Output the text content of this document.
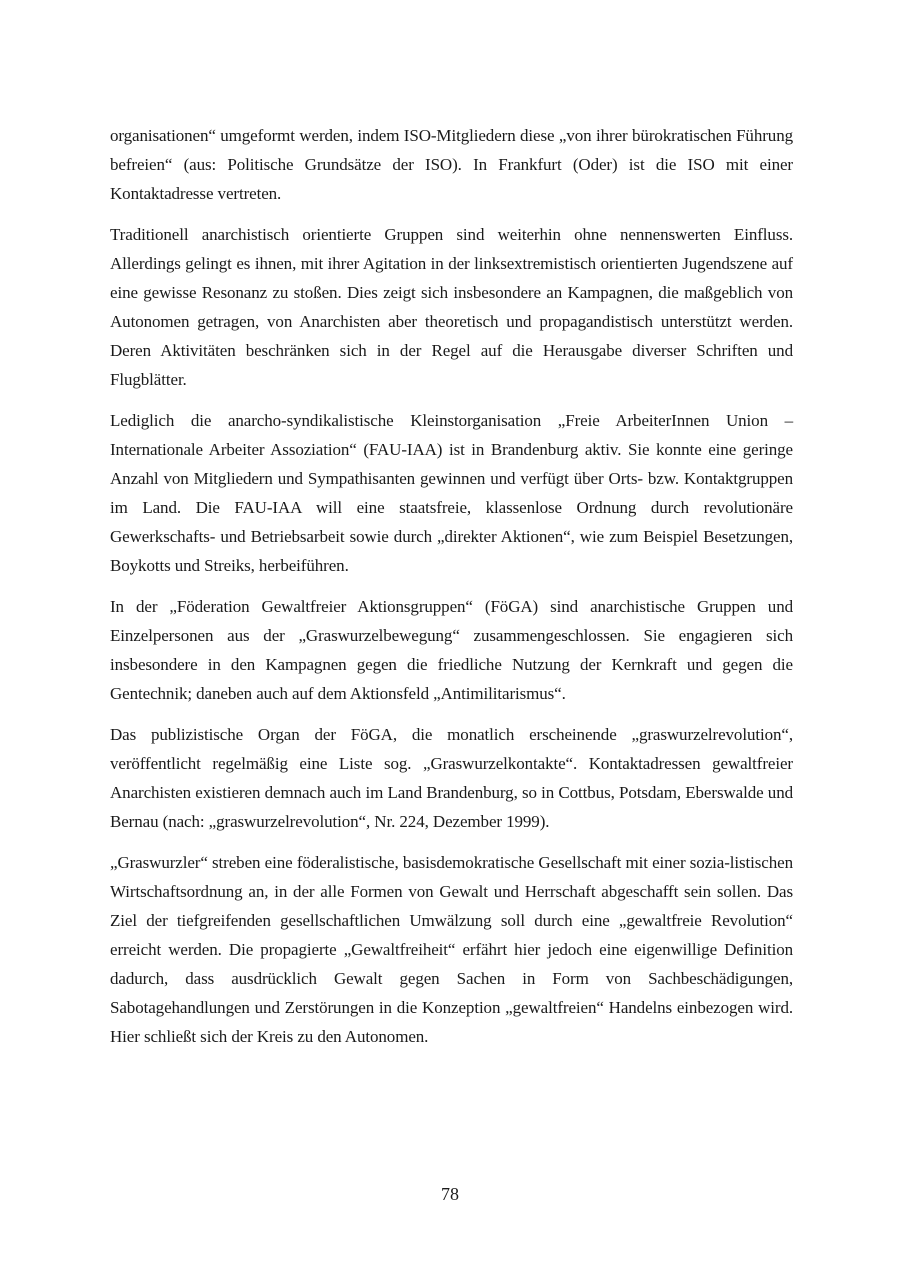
organisationen“ umgeformt werden, indem ISO-Mitgliedern diese „von ihrer bürokratischen Führung befreien“ (aus: Politische Grundsätze der ISO). In Frankfurt (Oder) ist die ISO mit einer Kontaktadresse vertreten.

Traditionell anarchistisch orientierte Gruppen sind weiterhin ohne nennenswerten Einfluss. Allerdings gelingt es ihnen, mit ihrer Agitation in der linksextremistisch orientierten Jugendszene auf eine gewisse Resonanz zu stoßen. Dies zeigt sich insbesondere an Kampagnen, die maßgeblich von Autonomen getragen, von Anarchisten aber theoretisch und propagandistisch unterstützt werden. Deren Aktivitäten beschränken sich in der Regel auf die Herausgabe diverser Schriften und Flugblätter.

Lediglich die anarcho-syndikalistische Kleinstorganisation „Freie ArbeiterInnen Union – Internationale Arbeiter Assoziation“ (FAU-IAA) ist in Brandenburg aktiv. Sie konnte eine geringe Anzahl von Mitgliedern und Sympathisanten gewinnen und verfügt über Orts- bzw. Kontaktgruppen im Land. Die FAU-IAA will eine staatsfreie, klassenlose Ordnung durch revolutionäre Gewerkschafts- und Betriebsarbeit sowie durch „direkter Aktionen“, wie zum Beispiel Besetzungen, Boykotts und Streiks, herbeiführen.

In der „Föderation Gewaltfreier Aktionsgruppen“ (FöGA) sind anarchistische Gruppen und Einzelpersonen aus der „Graswurzelbewegung“ zusammengeschlossen. Sie engagieren sich insbesondere in den Kampagnen gegen die friedliche Nutzung der Kernkraft und gegen die Gentechnik; daneben auch auf dem Aktionsfeld „Antimilitarismus“.

Das publizistische Organ der FöGA, die monatlich erscheinende „graswurzelrevolution“, veröffentlicht regelmäßig eine Liste sog. „Graswurzelkontakte“. Kontaktadressen gewaltfreier Anarchisten existieren demnach auch im Land Brandenburg, so in Cottbus, Potsdam, Eberswalde und Bernau (nach: „graswurzelrevolution“, Nr. 224, Dezember 1999).

„Graswurzler“ streben eine föderalistische, basisdemokratische Gesellschaft mit einer sozia-listischen Wirtschaftsordnung an, in der alle Formen von Gewalt und Herrschaft abgeschafft sein sollen. Das Ziel der tiefgreifenden gesellschaftlichen Umwälzung soll durch eine „gewaltfreie Revolution“ erreicht werden. Die propagierte „Gewaltfreiheit“ erfährt hier jedoch eine eigenwillige Definition dadurch, dass ausdrücklich Gewalt gegen Sachen in Form von Sachbeschädigungen, Sabotagehandlungen und Zerstörungen in die Konzeption „gewaltfreien“ Handelns einbezogen wird. Hier schließt sich der Kreis zu den Autonomen.

78
